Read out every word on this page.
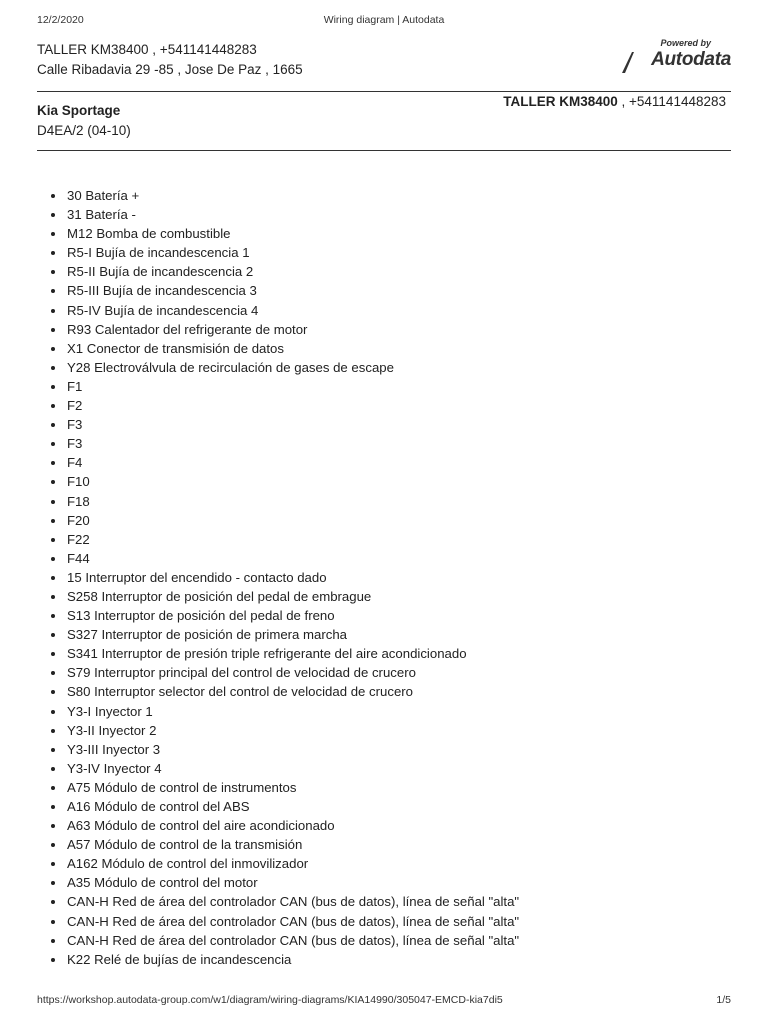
12/2/2020	Wiring diagram | Autodata
TALLER KM38400 , +541141448283
Calle Ribadavia 29 -85 , Jose De Paz , 1665
Powered by
Autodata
Kia Sportage
D4EA/2 (04-10)
TALLER KM38400 , +541141448283
30 Batería +
31 Batería -
M12 Bomba de combustible
R5-I Bujía de incandescencia 1
R5-II Bujía de incandescencia 2
R5-III Bujía de incandescencia 3
R5-IV Bujía de incandescencia 4
R93 Calentador del refrigerante de motor
X1 Conector de transmisión de datos
Y28 Electroválvula de recirculación de gases de escape
F1
F2
F3
F3
F4
F10
F18
F20
F22
F44
15 Interruptor del encendido - contacto dado
S258 Interruptor de posición del pedal de embrague
S13 Interruptor de posición del pedal de freno
S327 Interruptor de posición de primera marcha
S341 Interruptor de presión triple refrigerante del aire acondicionado
S79 Interruptor principal del control de velocidad de crucero
S80 Interruptor selector del control de velocidad de crucero
Y3-I Inyector 1
Y3-II Inyector 2
Y3-III Inyector 3
Y3-IV Inyector 4
A75 Módulo de control de instrumentos
A16 Módulo de control del ABS
A63 Módulo de control del aire acondicionado
A57 Módulo de control de la transmisión
A162 Módulo de control del inmovilizador
A35 Módulo de control del motor
CAN-H Red de área del controlador CAN (bus de datos), línea de señal "alta"
CAN-H Red de área del controlador CAN (bus de datos), línea de señal "alta"
CAN-H Red de área del controlador CAN (bus de datos), línea de señal "alta"
K22 Relé de bujías de incandescencia
https://workshop.autodata-group.com/w1/diagram/wiring-diagrams/KIA14990/305047-EMCD-kia7di5	1/5
